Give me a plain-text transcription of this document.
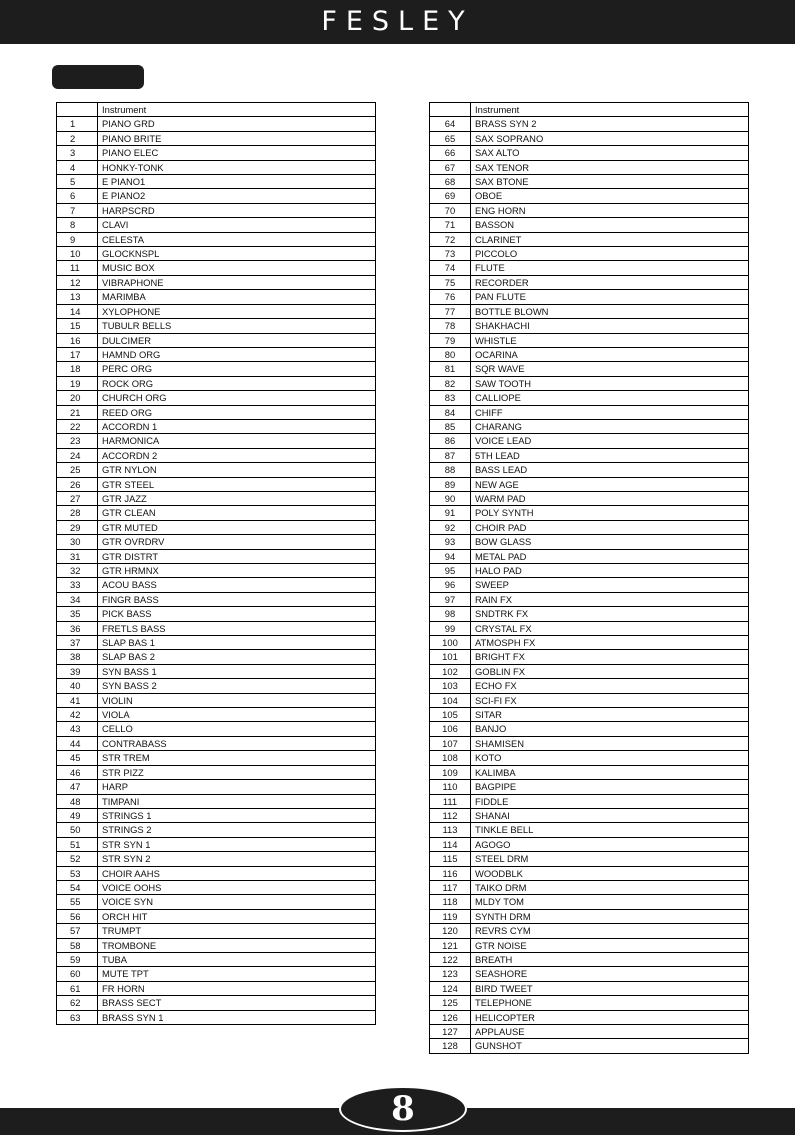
FESLEY
	Instrument
1	PIANO GRD
2	PIANO BRITE
3	PIANO ELEC
4	HONKY-TONK
5	E PIANO1
6	E PIANO2
7	HARPSCRD
8	CLAVI
9	CELESTA
10	GLOCKNSPL
11	MUSIC BOX
12	VIBRAPHONE
13	MARIMBA
14	XYLOPHONE
15	TUBULR BELLS
16	DULCIMER
17	HAMND ORG
18	PERC ORG
19	ROCK ORG
20	CHURCH ORG
21	REED ORG
22	ACCORDN 1
23	HARMONICA
24	ACCORDN 2
25	GTR NYLON
26	GTR STEEL
27	GTR JAZZ
28	GTR CLEAN
29	GTR MUTED
30	GTR OVRDRV
31	GTR DISTRT
32	GTR HRMNX
33	ACOU BASS
34	FINGR BASS
35	PICK BASS
36	FRETLS BASS
37	SLAP BAS 1
38	SLAP BAS 2
39	SYN BASS 1
40	SYN BASS 2
41	VIOLIN
42	VIOLA
43	CELLO
44	CONTRABASS
45	STR TREM
46	STR PIZZ
47	HARP
48	TIMPANI
49	STRINGS 1
50	STRINGS 2
51	STR SYN 1
52	STR SYN 2
53	CHOIR AAHS
54	VOICE OOHS
55	VOICE SYN
56	ORCH HIT
57	TRUMPT
58	TROMBONE
59	TUBA
60	MUTE TPT
61	FR HORN
62	BRASS SECT
63	BRASS SYN 1
	Instrument
64	BRASS SYN 2
65	SAX SOPRANO
66	SAX ALTO
67	SAX TENOR
68	SAX BTONE
69	OBOE
70	ENG HORN
71	BASSON
72	CLARINET
73	PICCOLO
74	FLUTE
75	RECORDER
76	PAN FLUTE
77	BOTTLE BLOWN
78	SHAKHACHI
79	WHISTLE
80	OCARINA
81	SQR WAVE
82	SAW TOOTH
83	CALLIOPE
84	CHIFF
85	CHARANG
86	VOICE LEAD
87	5TH LEAD
88	BASS LEAD
89	NEW AGE
90	WARM PAD
91	POLY SYNTH
92	CHOIR PAD
93	BOW GLASS
94	METAL PAD
95	HALO PAD
96	SWEEP
97	RAIN FX
98	SNDTRK FX
99	CRYSTAL FX
100	ATMOSPH FX
101	BRIGHT FX
102	GOBLIN FX
103	ECHO FX
104	SCI-FI FX
105	SITAR
106	BANJO
107	SHAMISEN
108	KOTO
109	KALIMBA
110	BAGPIPE
111	FIDDLE
112	SHANAI
113	TINKLE BELL
114	AGOGO
115	STEEL DRM
116	WOODBLK
117	TAIKO DRM
118	MLDY TOM
119	SYNTH DRM
120	REVRS CYM
121	GTR NOISE
122	BREATH
123	SEASHORE
124	BIRD TWEET
125	TELEPHONE
126	HELICOPTER
127	APPLAUSE
128	GUNSHOT
8
